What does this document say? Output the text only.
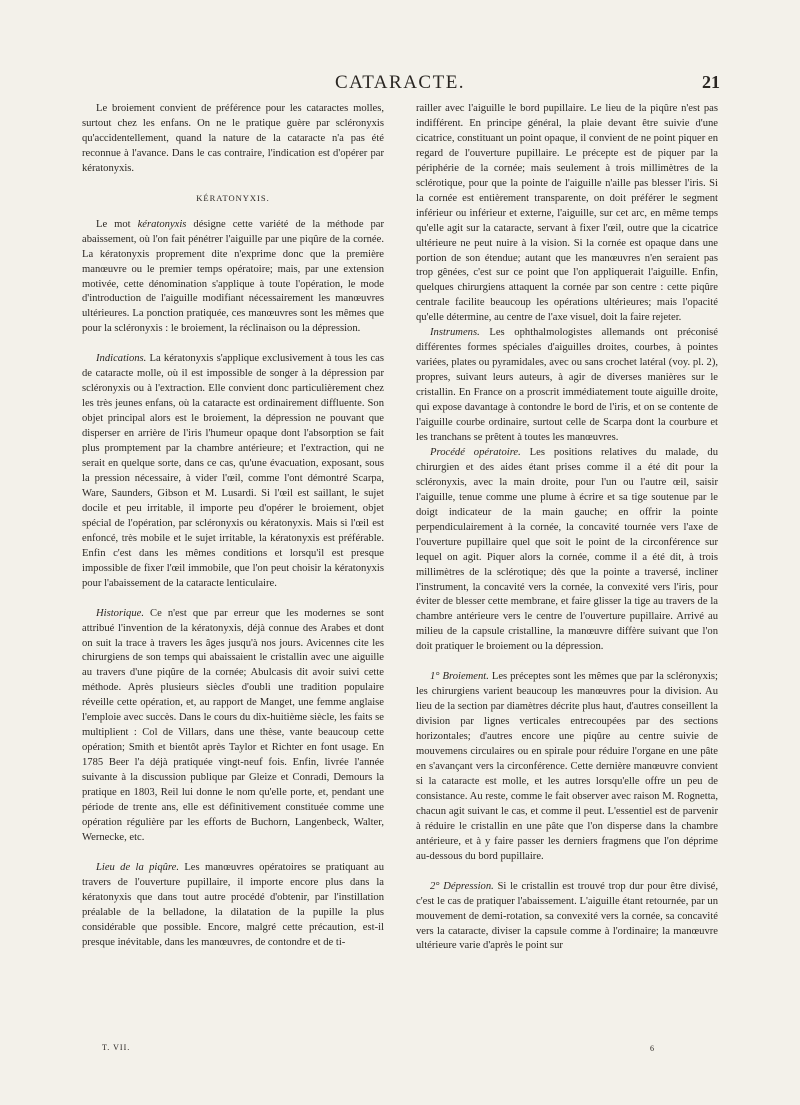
CATARACTE.	21

Le broiement convient de préférence pour les cataractes molles, surtout chez les enfans. On ne le pratique guère par scléronyxis qu'accidentellement, quand la nature de la cataracte n'a pas été reconnue à l'avance. Dans le cas contraire, l'indication est d'opérer par kératonyxis.

KÉRATONYXIS.

Le mot kératonyxis désigne cette variété de la méthode par abaissement, où l'on fait pénétrer l'aiguille par une piqûre de la cornée. La kératonyxis proprement dite n'exprime donc que la première manœuvre ou le premier temps opératoire; mais, par une extension motivée, cette dénomination s'applique à toute l'opération, le mode d'introduction de l'aiguille modifiant nécessairement les manœuvres ultérieures. La ponction pratiquée, ces manœuvres sont les mêmes que pour la scléronyxis : le broiement, la réclinaison ou la dépression.

Indications. La kératonyxis s'applique exclusivement à tous les cas de cataracte molle, où il est impossible de songer à la dépression par scléronyxis ou à l'extraction. Elle convient donc particulièrement chez les très jeunes enfans, où la cataracte est ordinairement diffluente. Son objet principal alors est le broiement, la dépression ne pouvant que disperser en arrière de l'iris l'humeur opaque dont l'absorption se fait plus promptement par la chambre antérieure; et l'extraction, qui ne serait en quelque sorte, dans ce cas, qu'une évacuation, exposant, sous la pression nécessaire, à vider l'œil, comme l'ont démontré Scarpa, Ware, Saunders, Gibson et M. Lusardi. Si l'œil est saillant, le sujet docile et peu irritable, il importe peu d'opérer le broiement, objet spécial de l'opération, par scléronyxis ou kératonyxis. Mais si l'œil est enfoncé, très mobile et le sujet irritable, la kératonyxis est préférable. Enfin c'est dans les mêmes conditions et lorsqu'il est presque impossible de fixer l'œil immobile, que l'on peut choisir la kératonyxis pour l'abaissement de la cataracte lenticulaire.

Historique. Ce n'est que par erreur que les modernes se sont attribué l'invention de la kératonyxis, déjà connue des Arabes et dont on suit la trace à travers les âges jusqu'à nos jours. Avicennes cite les chirurgiens de son temps qui abaissaient le cristallin avec une aiguille au travers d'une piqûre de la cornée; Abulcasis dit avoir suivi cette méthode. Après plusieurs siècles d'oubli une tradition populaire réveille cette opération, et, au rapport de Manget, une femme anglaise l'emploie avec succès. Dans le cours du dix-huitième siècle, les faits se multiplient : Col de Villars, dans une thèse, vante beaucoup cette opération; Smith et bientôt après Taylor et Richter en font usage. En 1785 Beer l'a déjà pratiquée vingt-neuf fois. Enfin, livrée l'année suivante à la discussion publique par Gleize et Conradi, Demours la pratique en 1803, Reil lui donne le nom qu'elle porte, et, pendant une période de trente ans, elle est définitivement constituée comme une opération régulière par les efforts de Buchorn, Langenbeck, Walter, Wernecke, etc.

Lieu de la piqûre. Les manœuvres opératoires se pratiquant au travers de l'ouverture pupillaire, il importe encore plus dans la kératonyxis que dans tout autre procédé d'obtenir, par l'instillation préalable de la belladone, la dilatation de la pupille la plus considérable que possible. Encore, malgré cette précaution, est-il presque inévitable, dans les manœuvres, de contondre et de ti-

railler avec l'aiguille le bord pupillaire. Le lieu de la piqûre n'est pas indifférent. En principe général, la plaie devant être suivie d'une cicatrice, constituant un point opaque, il convient de ne point piquer en regard de l'ouverture pupillaire. Le précepte est de piquer par la périphérie de la cornée; mais seulement à trois millimètres de la sclérotique, pour que la pointe de l'aiguille n'aille pas blesser l'iris. Si la cornée est entièrement transparente, on doit préférer le segment inférieur ou inférieur et externe, l'aiguille, sur cet arc, en même temps qu'elle agit sur la cataracte, servant à fixer l'œil, outre que la cicatrice ultérieure ne peut nuire à la vision. Si la cornée est opaque dans une portion de son étendue; autant que les manœuvres n'en seraient pas trop gênées, c'est sur ce point que l'on appliquerait l'aiguille. Enfin, quelques chirurgiens attaquent la cornée par son centre : cette piqûre centrale facilite beaucoup les opérations ultérieures; mais l'opacité qu'elle détermine, au centre de l'axe visuel, doit la faire rejeter.

Instrumens. Les ophthalmologistes allemands ont préconisé différentes formes spéciales d'aiguilles droites, courbes, à pointes variées, plates ou pyramidales, avec ou sans crochet latéral (voy. pl. 2), propres, suivant leurs auteurs, à agir de diverses manières sur le cristallin. En France on a proscrit immédiatement toute aiguille droite, qui expose davantage à contondre le bord de l'iris, et on se contente de l'aiguille courbe ordinaire, surtout celle de Scarpa dont la courbure et les tranchans se prêtent à toutes les manœuvres.

Procédé opératoire. Les positions relatives du malade, du chirurgien et des aides étant prises comme il a été dit pour la scléronyxis, avec la main droite, pour l'un ou l'autre œil, saisir l'aiguille, tenue comme une plume à écrire et sa tige soutenue par le doigt indicateur de la main gauche; en offrir la pointe perpendiculairement à la cornée, la concavité tournée vers l'axe de l'ouverture pupillaire quel que soit le point de la circonférence sur lequel on agit. Piquer alors la cornée, comme il a été dit, à trois millimètres de la sclérotique; dès que la pointe a traversé, incliner l'instrument, la concavité vers la cornée, la convexité vers l'iris, pour éviter de blesser cette membrane, et faire glisser la tige au travers de la chambre antérieure vers le centre de l'ouverture pupillaire. Arrivé au milieu de la capsule cristalline, la manœuvre diffère suivant que l'on doit pratiquer le broiement ou la dépression.

1° Broiement. Les préceptes sont les mêmes que par la scléronyxis; les chirurgiens varient beaucoup les manœuvres pour la division. Au lieu de la section par diamètres décrite plus haut, d'autres conseillent la division par lignes verticales entrecoupées par des sections horizontales; d'autres encore une piqûre au centre suivie de mouvemens circulaires ou en spirale pour réduire l'organe en une pâte en s'avançant vers la circonférence. Cette dernière manœuvre convient si la cataracte est molle, et les autres lorsqu'elle offre un peu de consistance. Au reste, comme le fait observer avec raison M. Rognetta, chacun agit suivant le cas, et comme il peut. L'essentiel est de parvenir à réduire le cristallin en une pâte que l'on disperse dans la chambre antérieure, et à y faire passer les derniers fragmens que l'on déprime au-dessous du bord pupillaire.

2° Dépression. Si le cristallin est trouvé trop dur pour être divisé, c'est le cas de pratiquer l'abaissement. L'aiguille étant retournée, par un mouvement de demi-rotation, sa convexité vers la cornée, sa concavité vers la cataracte, diviser la capsule comme à l'ordinaire; la manœuvre ultérieure varie d'après le point sur

T. VII.	6
